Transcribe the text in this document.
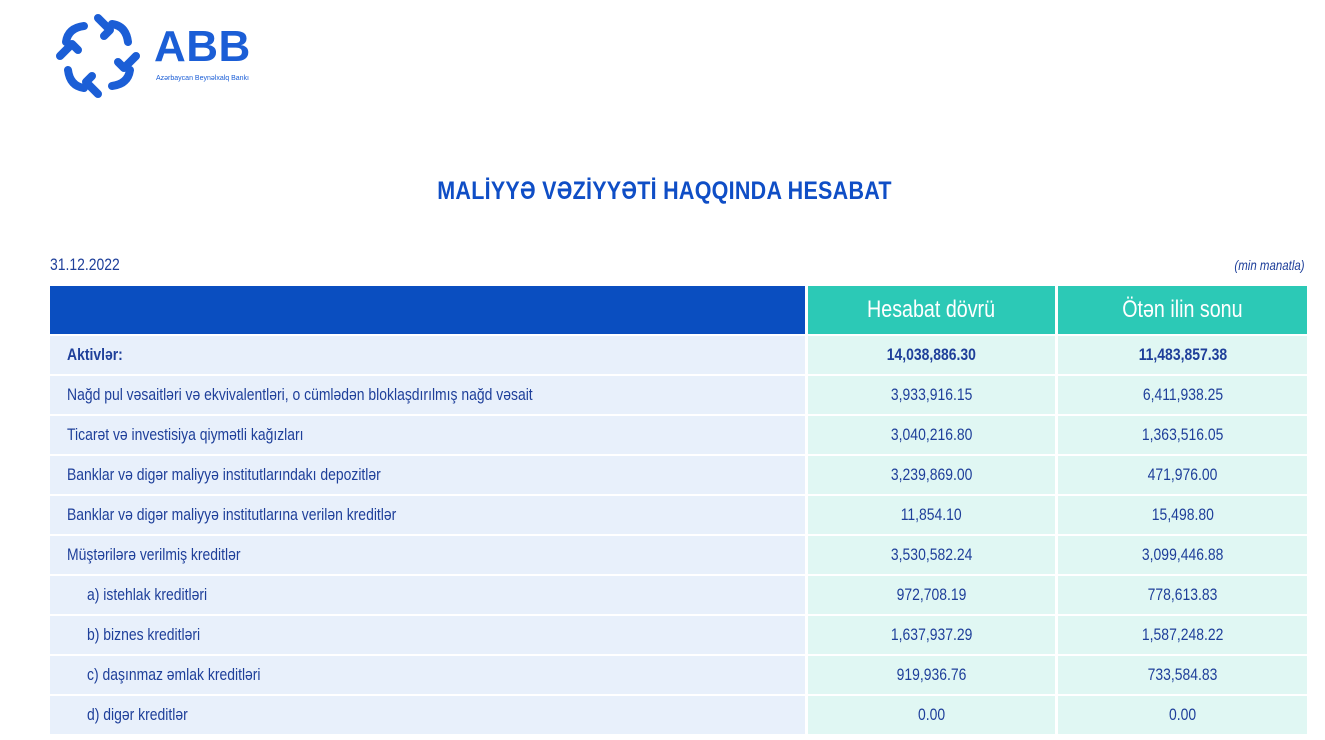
ABB
Azərbaycan Beynəlxalq Bankı
MALİYYƏ VƏZİYYƏTİ HAQQINDA HESABAT
31.12.2022	(min manatla)
	Hesabat dövrü	Ötən ilin sonu
Aktivlər:	14,038,886.30	11,483,857.38
Nağd pul vəsaitləri və ekvivalentləri, o cümlədən bloklaşdırılmış nağd vəsait	3,933,916.15	6,411,938.25
Ticarət və investisiya qiymətli kağızları	3,040,216.80	1,363,516.05
Banklar və digər maliyyə institutlarındakı depozitlər	3,239,869.00	471,976.00
Banklar və digər maliyyə institutlarına verilən kreditlər	11,854.10	15,498.80
Müştərilərə verilmiş kreditlər	3,530,582.24	3,099,446.88
a) istehlak kreditləri	972,708.19	778,613.83
b) biznes kreditləri	1,637,937.29	1,587,248.22
c) daşınmaz əmlak kreditləri	919,936.76	733,584.83
d) digər kreditlər	0.00	0.00
